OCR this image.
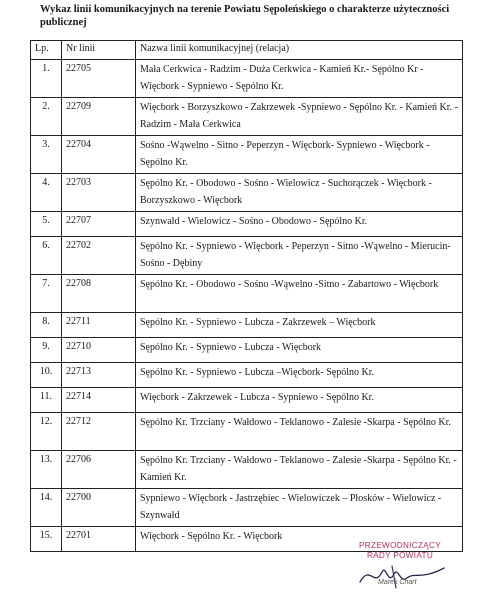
Wykaz linii komunikacyjnych na terenie Powiatu Sępoleńskiego o charakterze użyteczności publicznej
Lp.	Nr linii	Nazwa linii komunikacyjnej (relacja)
1.	22705	Mała Cerkwica - Radzim - Duża Cerkwica - Kamień Kr.- Sępólno Kr - Więcbork - Sypniewo - Sępólno Kr.
2.	22709	Więcbork - Borzyszkowo - Zakrzewek -Sypniewo - Sępólno Kr. - Kamień Kr. - Radzim - Mała Cerkwica
3.	22704	Sośno -Wąwelno - Sitno - Peperzyn - Więcbork- Sypniewo - Więcbork - Sępólno Kr.
4.	22703	Sępólno Kr. - Obodowo - Sośno - Wielowicz - Suchorączek - Więcbork - Borzyszkowo - Więcbork
5.	22707	Szynwałd - Wielowicz - Sośno - Obodowo - Sępólno Kr.
6.	22702	Sępólno Kr. - Sypniewo - Więcbork - Peperzyn - Sitno -Wąwelno - Mierucin- Sośno - Dębiny
7.	22708	Sępólno Kr. - Obodowo - Sośno -Wąwelno -Sitno - Zabartowo - Więcbork
8.	22711	Sępólno Kr. - Sypniewo - Lubcza - Zakrzewek – Więcbork
9.	22710	Sępólno Kr. - Sypniewo - Lubcza - Więcbork
10.	22713	Sępólno Kr. - Sypniewo - Lubcza –Więcbork- Sępólno Kr.
11.	22714	Więcbork - Zakrzewek - Lubcza - Sypniewo - Sępólno Kr.
12.	22712	Sępólno Kr. Trzciany - Wałdowo - Teklanowo - Zalesie -Skarpa - Sępólno Kr.
13.	22706	Sępólno Kr. Trzciany - Wałdowo - Teklanowo - Zalesie -Skarpa - Sępólno Kr. - Kamień Kr.
14.	22700	Sypniewo - Więcbork - Jastrzębiec - Wielowiczek – Płosków - Wielowicz - Szynwałd
15.	22701	Więcbork - Sępólno Kr. - Więcbork
PRZEWODNICZĄCY
RADY POWIATU
Marek Chart
